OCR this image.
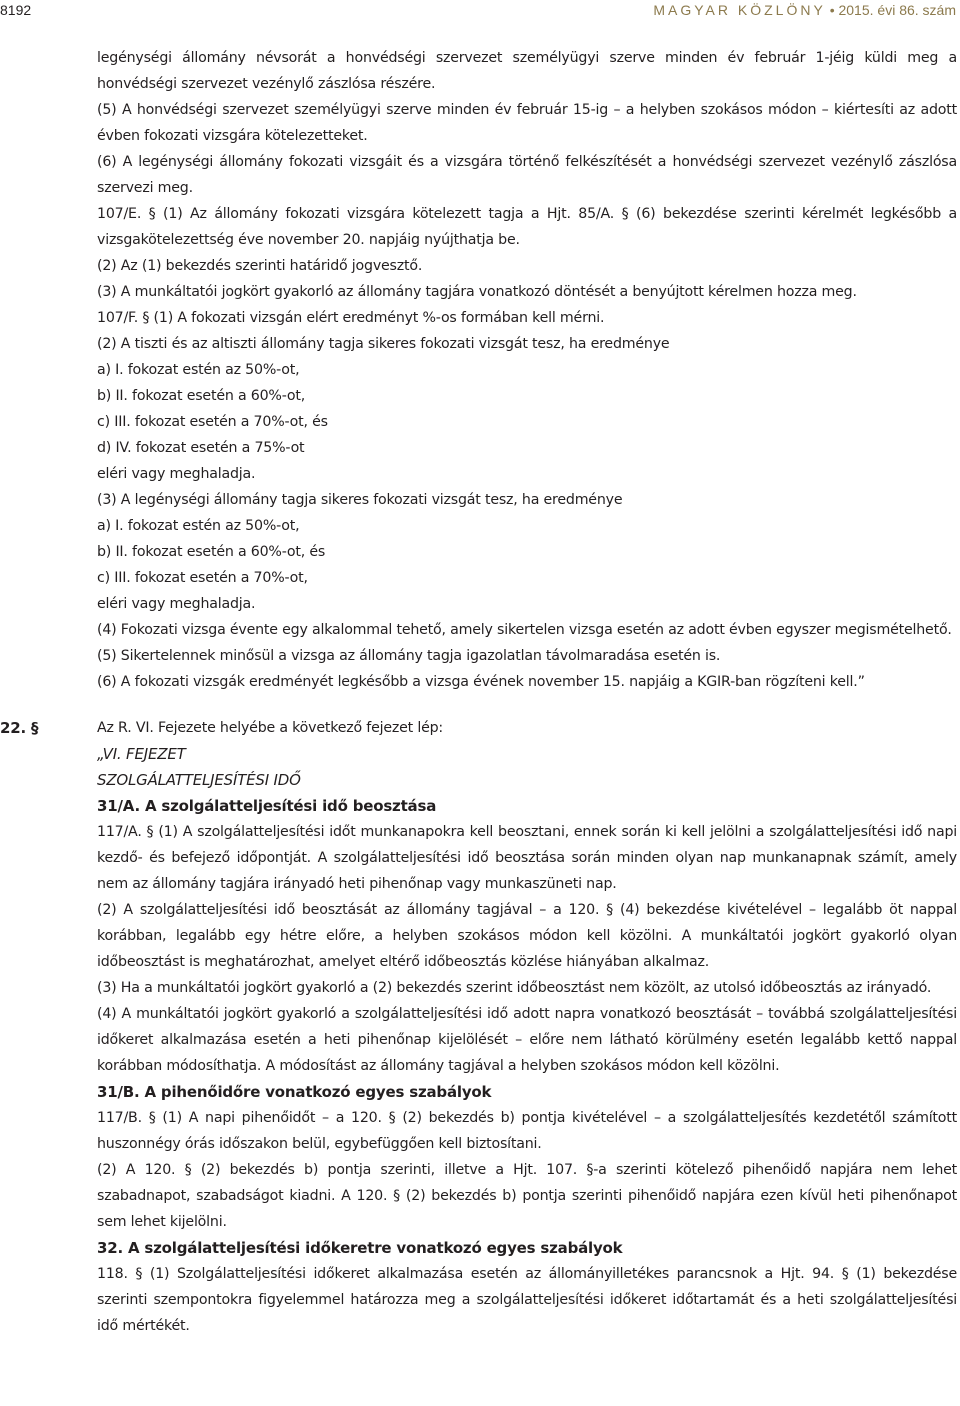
8192	MAGYAR KÖZLÖNY • 2015. évi 86. szám

legénységi állomány névsorát a honvédségi szervezet személyügyi szerve minden év február 1-jéig küldi meg a honvédségi szervezet vezénylő zászlósa részére.

(5) A honvédségi szervezet személyügyi szerve minden év február 15-ig – a helyben szokásos módon – kiértesíti az adott évben fokozati vizsgára kötelezetteket.

(6) A legénységi állomány fokozati vizsgáit és a vizsgára történő felkészítését a honvédségi szervezet vezénylő zászlósa szervezi meg.

107/E. § (1) Az állomány fokozati vizsgára kötelezett tagja a Hjt. 85/A. § (6) bekezdése szerinti kérelmét legkésőbb a vizsgakötelezettség éve november 20. napjáig nyújthatja be.

(2) Az (1) bekezdés szerinti határidő jogvesztő.

(3) A munkáltatói jogkört gyakorló az állomány tagjára vonatkozó döntését a benyújtott kérelmen hozza meg.

107/F. § (1) A fokozati vizsgán elért eredményt %-os formában kell mérni.

(2) A tiszti és az altiszti állomány tagja sikeres fokozati vizsgát tesz, ha eredménye

a) I. fokozat estén az 50%-ot,

b) II. fokozat esetén a 60%-ot,

c) III. fokozat esetén a 70%-ot, és

d) IV. fokozat esetén a 75%-ot

eléri vagy meghaladja.

(3) A legénységi állomány tagja sikeres fokozati vizsgát tesz, ha eredménye

a) I. fokozat estén az 50%-ot,

b) II. fokozat esetén a 60%-ot, és

c) III. fokozat esetén a 70%-ot,

eléri vagy meghaladja.

(4) Fokozati vizsga évente egy alkalommal tehető, amely sikertelen vizsga esetén az adott évben egyszer megismételhető.

(5) Sikertelennek minősül a vizsga az állomány tagja igazolatlan távolmaradása esetén is.

(6) A fokozati vizsgák eredményét legkésőbb a vizsga évének november 15. napjáig a KGIR-ban rögzíteni kell.”

22. §	Az R. VI. Fejezete helyébe a következő fejezet lép:

„VI. FEJEZET

SZOLGÁLATTELJESÍTÉSI IDŐ

31/A. A szolgálatteljesítési idő beosztása

117/A. § (1) A szolgálatteljesítési időt munkanapokra kell beosztani, ennek során ki kell jelölni a szolgálatteljesítési idő napi kezdő- és befejező időpontját. A szolgálatteljesítési idő beosztása során minden olyan nap munkanapnak számít, amely nem az állomány tagjára irányadó heti pihenőnap vagy munkaszüneti nap.

(2) A szolgálatteljesítési idő beosztását az állomány tagjával – a 120. § (4) bekezdése kivételével – legalább öt nappal korábban, legalább egy hétre előre, a helyben szokásos módon kell közölni. A munkáltatói jogkört gyakorló olyan időbeosztást is meghatározhat, amelyet eltérő időbeosztás közlése hiányában alkalmaz.

(3) Ha a munkáltatói jogkört gyakorló a (2) bekezdés szerint időbeosztást nem közölt, az utolsó időbeosztás az irányadó.

(4) A munkáltatói jogkört gyakorló a szolgálatteljesítési idő adott napra vonatkozó beosztását – továbbá szolgálatteljesítési időkeret alkalmazása esetén a heti pihenőnap kijelölését – előre nem látható körülmény esetén legalább kettő nappal korábban módosíthatja. A módosítást az állomány tagjával a helyben szokásos módon kell közölni.

31/B. A pihenőidőre vonatkozó egyes szabályok

117/B. § (1) A napi pihenőidőt – a 120. § (2) bekezdés b) pontja kivételével – a szolgálatteljesítés kezdetétől számított huszonnégy órás időszakon belül, egybefüggően kell biztosítani.

(2) A 120. § (2) bekezdés b) pontja szerinti, illetve a Hjt. 107. §-a szerinti kötelező pihenőidő napjára nem lehet szabadnapot, szabadságot kiadni. A 120. § (2) bekezdés b) pontja szerinti pihenőidő napjára ezen kívül heti pihenőnapot sem lehet kijelölni.

32. A szolgálatteljesítési időkeretre vonatkozó egyes szabályok

118. § (1) Szolgálatteljesítési időkeret alkalmazása esetén az állományilletékes parancsnok a Hjt. 94. § (1) bekezdése szerinti szempontokra figyelemmel határozza meg a szolgálatteljesítési időkeret időtartamát és a heti szolgálatteljesítési idő mértékét.
